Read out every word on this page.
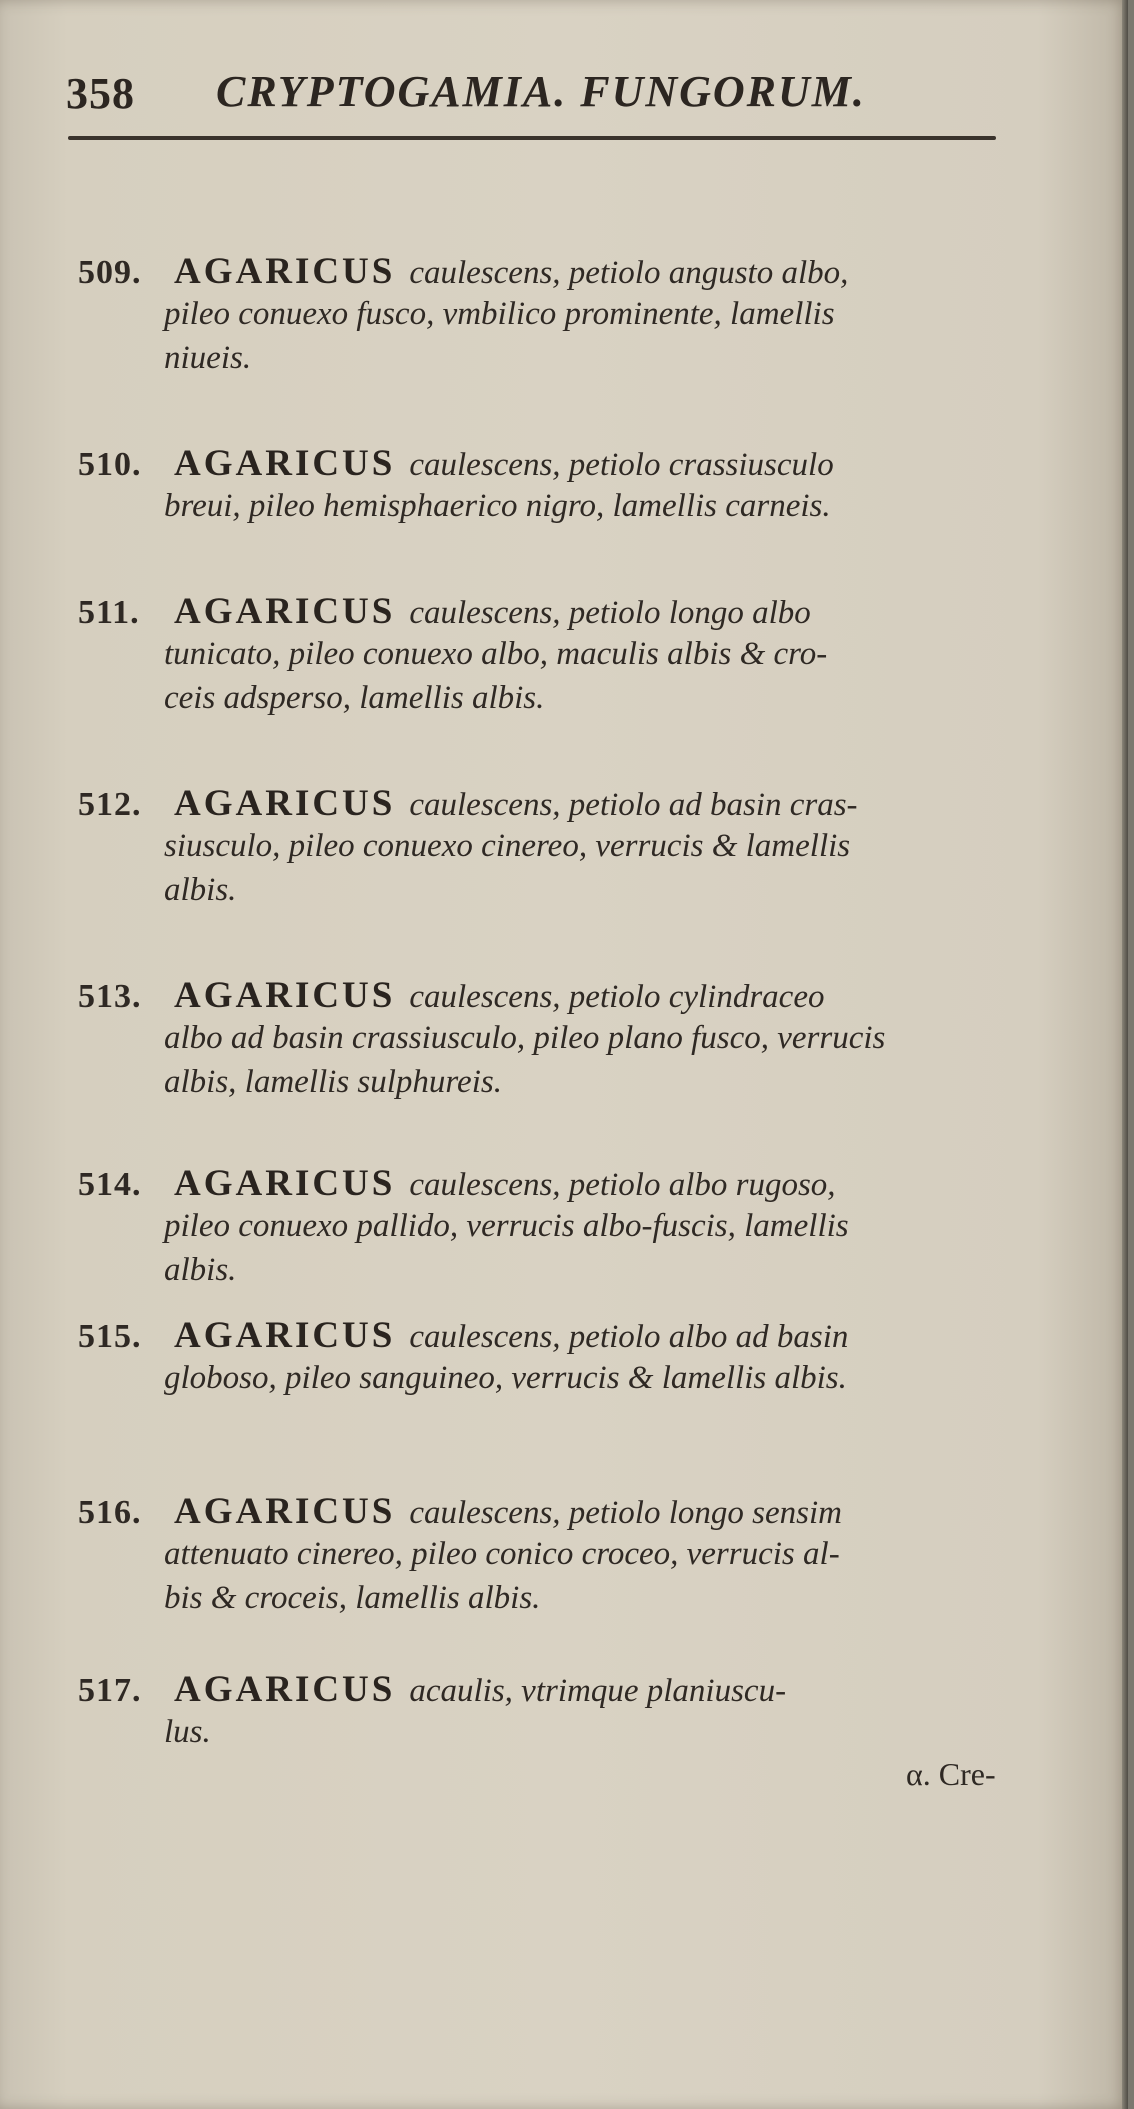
358 CRYPTOGAMIA. FUNGORUM.
509. AGARICUS caulescens, petiolo angusto albo,
pileo conuexo fusco, vmbilico prominente, lamellis
niueis.
510. AGARICUS caulescens, petiolo crassiusculo
breui, pileo hemisphaerico nigro, lamellis carneis.
511. AGARICUS caulescens, petiolo longo albo
tunicato, pileo conuexo albo, maculis albis & cro-
ceis adsperso, lamellis albis.
512. AGARICUS caulescens, petiolo ad basin cras-
siusculo, pileo conuexo cinereo, verrucis & lamellis
albis.
513. AGARICUS caulescens, petiolo cylindraceo
albo ad basin crassiusculo, pileo plano fusco, verrucis
albis, lamellis sulphureis.
514. AGARICUS caulescens, petiolo albo rugoso,
pileo conuexo pallido, verrucis albo-fuscis, lamellis
albis.
515. AGARICUS caulescens, petiolo albo ad basin
globoso, pileo sanguineo, verrucis & lamellis albis.
516. AGARICUS caulescens, petiolo longo sensim
attenuato cinereo, pileo conico croceo, verrucis al-
bis & croceis, lamellis albis.
517. AGARICUS acaulis, vtrimque planiuscu-
lus.
α. Cre-
